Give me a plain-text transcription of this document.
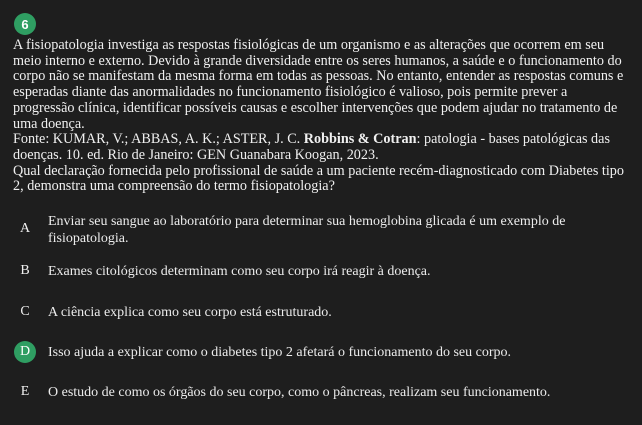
6

A fisiopatologia investiga as respostas fisiológicas de um organismo e as alterações que ocorrem em seu meio interno e externo. Devido à grande diversidade entre os seres humanos, a saúde e o funcionamento do corpo não se manifestam da mesma forma em todas as pessoas. No entanto, entender as respostas comuns e esperadas diante das anormalidades no funcionamento fisiológico é valioso, pois permite prever a progressão clínica, identificar possíveis causas e escolher intervenções que podem ajudar no tratamento de uma doença.

Fonte: KUMAR, V.; ABBAS, A. K.; ASTER, J. C. Robbins & Cotran: patologia - bases patológicas das doenças. 10. ed. Rio de Janeiro: GEN Guanabara Koogan, 2023.

Qual declaração fornecida pelo profissional de saúde a um paciente recém-diagnosticado com Diabetes tipo 2, demonstra uma compreensão do termo fisiopatologia?

A	Enviar seu sangue ao laboratório para determinar sua hemoglobina glicada é um exemplo de fisiopatologia.
B	Exames citológicos determinam como seu corpo irá reagir à doença.
C	A ciência explica como seu corpo está estruturado.
D	Isso ajuda a explicar como o diabetes tipo 2 afetará o funcionamento do seu corpo.
E	O estudo de como os órgãos do seu corpo, como o pâncreas, realizam seu funcionamento.
